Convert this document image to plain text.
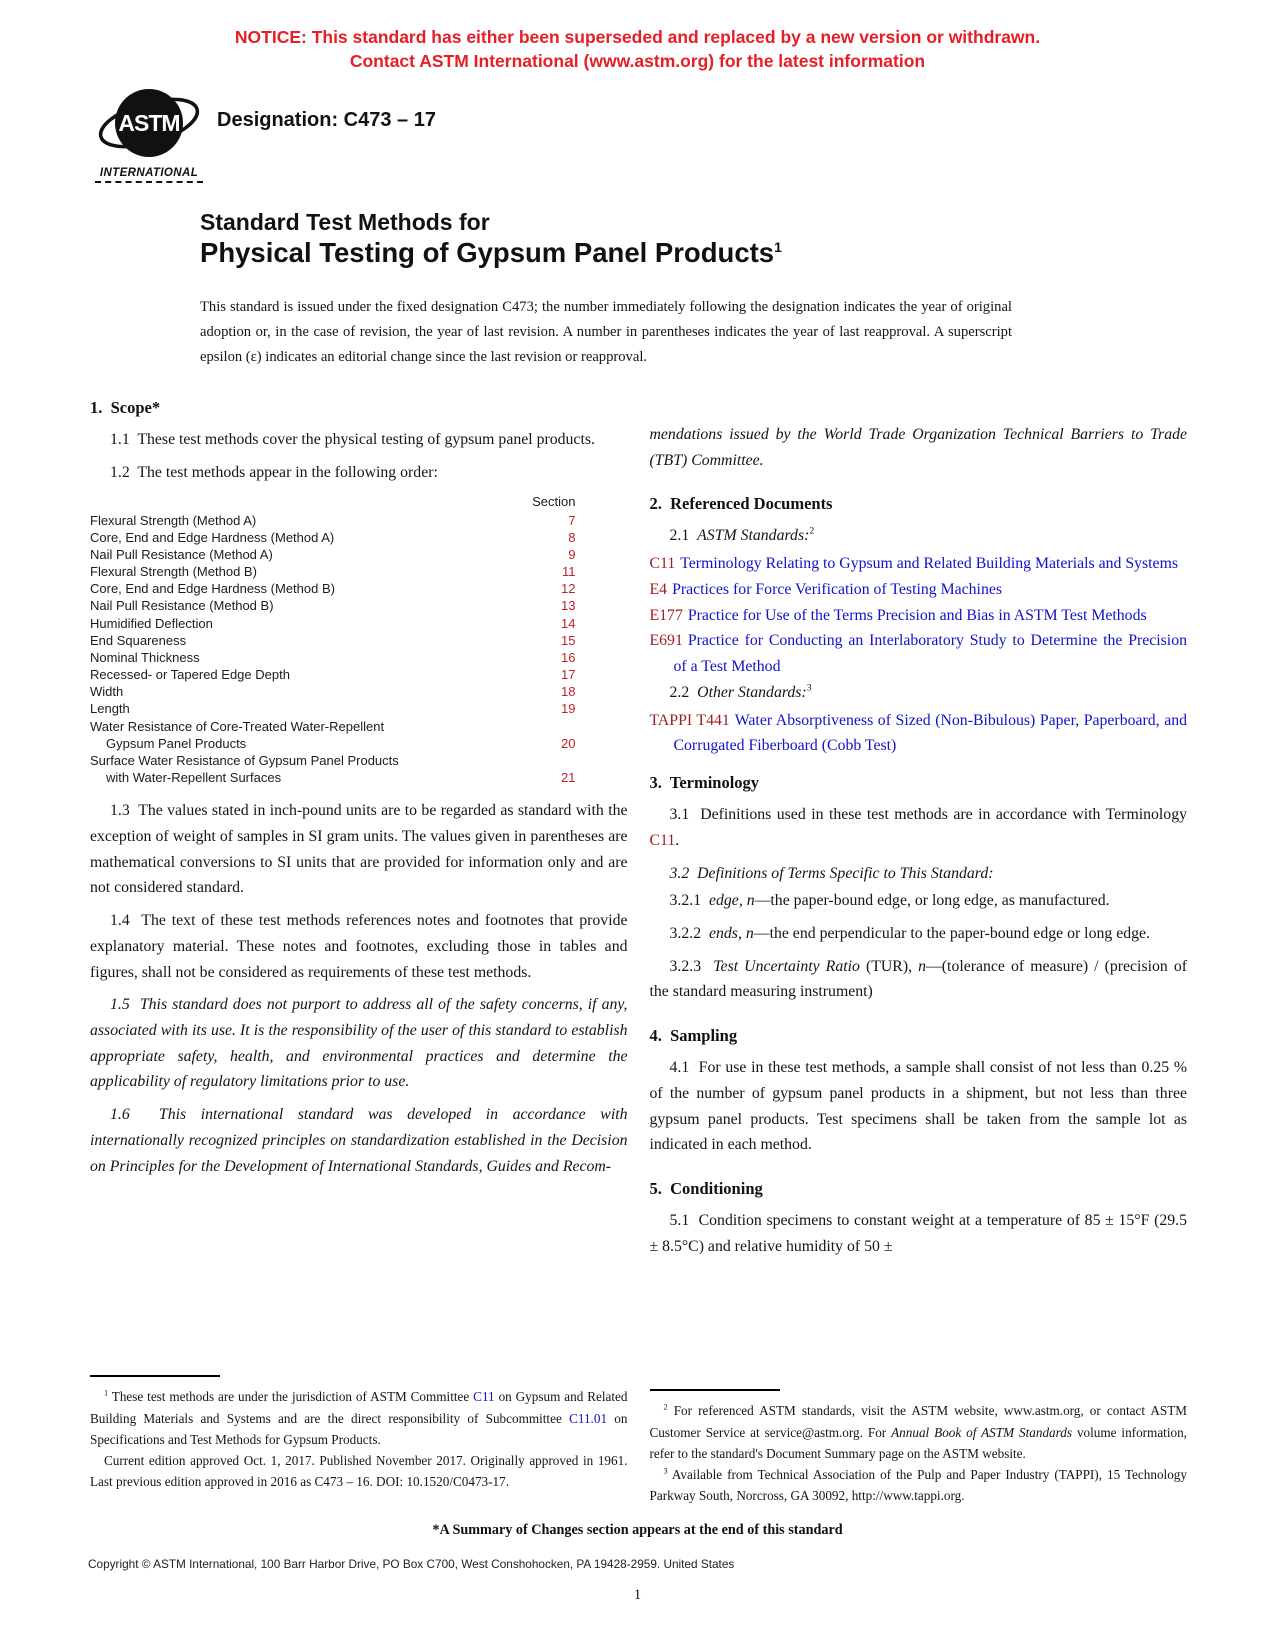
NOTICE: This standard has either been superseded and replaced by a new version or withdrawn.
Contact ASTM International (www.astm.org) for the latest information
ASTM
INTERNATIONAL
Designation: C473 – 17
Standard Test Methods for
Physical Testing of Gypsum Panel Products$^1$

This standard is issued under the fixed designation C473; the number immediately following the designation indicates the year of original adoption or, in the case of revision, the year of last revision. A number in parentheses indicates the year of last reapproval. A superscript epsilon (ε) indicates an editorial change since the last revision or reapproval.

1.  Scope*

1.1  These test methods cover the physical testing of gypsum panel products.

1.2  The test methods appear in the following order:

Section
Flexural Strength (Method A)	7
Core, End and Edge Hardness (Method A)	8
Nail Pull Resistance (Method A)	9
Flexural Strength (Method B)	11
Core, End and Edge Hardness (Method B)	12
Nail Pull Resistance (Method B)	13
Humidified Deflection	14
End Squareness	15
Nominal Thickness	16
Recessed- or Tapered Edge Depth	17
Width	18
Length	19
Water Resistance of Core-Treated Water-Repellent
Gypsum Panel Products	20
Surface Water Resistance of Gypsum Panel Products
with Water-Repellent Surfaces	21

1.3  The values stated in inch-pound units are to be regarded as standard with the exception of weight of samples in SI gram units. The values given in parentheses are mathematical conversions to SI units that are provided for information only and are not considered standard.

1.4  The text of these test methods references notes and footnotes that provide explanatory material. These notes and footnotes, excluding those in tables and figures, shall not be considered as requirements of these test methods.

1.5  This standard does not purport to address all of the safety concerns, if any, associated with its use. It is the responsibility of the user of this standard to establish appropriate safety, health, and environmental practices and determine the applicability of regulatory limitations prior to use.

1.6  This international standard was developed in accordance with internationally recognized principles on standardization established in the Decision on Principles for the Development of International Standards, Guides and Recom-

$^1$ These test methods are under the jurisdiction of ASTM Committee C11 on Gypsum and Related Building Materials and Systems and are the direct responsibility of Subcommittee C11.01 on Specifications and Test Methods for Gypsum Products.

Current edition approved Oct. 1, 2017. Published November 2017. Originally approved in 1961. Last previous edition approved in 2016 as C473 – 16. DOI: 10.1520/C0473-17.

mendations issued by the World Trade Organization Technical Barriers to Trade (TBT) Committee.

2.  Referenced Documents

2.1  ASTM Standards:$^2$

C11 Terminology Relating to Gypsum and Related Building Materials and Systems

E4 Practices for Force Verification of Testing Machines

E177 Practice for Use of the Terms Precision and Bias in ASTM Test Methods

E691 Practice for Conducting an Interlaboratory Study to Determine the Precision of a Test Method

2.2  Other Standards:$^3$

TAPPI T441 Water Absorptiveness of Sized (Non-Bibulous) Paper, Paperboard, and Corrugated Fiberboard (Cobb Test)

3.  Terminology

3.1  Definitions used in these test methods are in accordance with Terminology C11.

3.2  Definitions of Terms Specific to This Standard:

3.2.1  edge, n—the paper-bound edge, or long edge, as manufactured.

3.2.2  ends, n—the end perpendicular to the paper-bound edge or long edge.

3.2.3  Test Uncertainty Ratio (TUR), n—(tolerance of measure) / (precision of the standard measuring instrument)

4.  Sampling

4.1  For use in these test methods, a sample shall consist of not less than 0.25 % of the number of gypsum panel products in a shipment, but not less than three gypsum panel products. Test specimens shall be taken from the sample lot as indicated in each method.

5.  Conditioning

5.1  Condition specimens to constant weight at a temperature of 85 ± 15°F (29.5 ± 8.5°C) and relative humidity of 50 ±

$^2$ For referenced ASTM standards, visit the ASTM website, www.astm.org, or contact ASTM Customer Service at service@astm.org. For Annual Book of ASTM Standards volume information, refer to the standard's Document Summary page on the ASTM website.

$^3$ Available from Technical Association of the Pulp and Paper Industry (TAPPI), 15 Technology Parkway South, Norcross, GA 30092, http://www.tappi.org.

*A Summary of Changes section appears at the end of this standard
Copyright © ASTM International, 100 Barr Harbor Drive, PO Box C700, West Conshohocken, PA 19428-2959. United States
1
